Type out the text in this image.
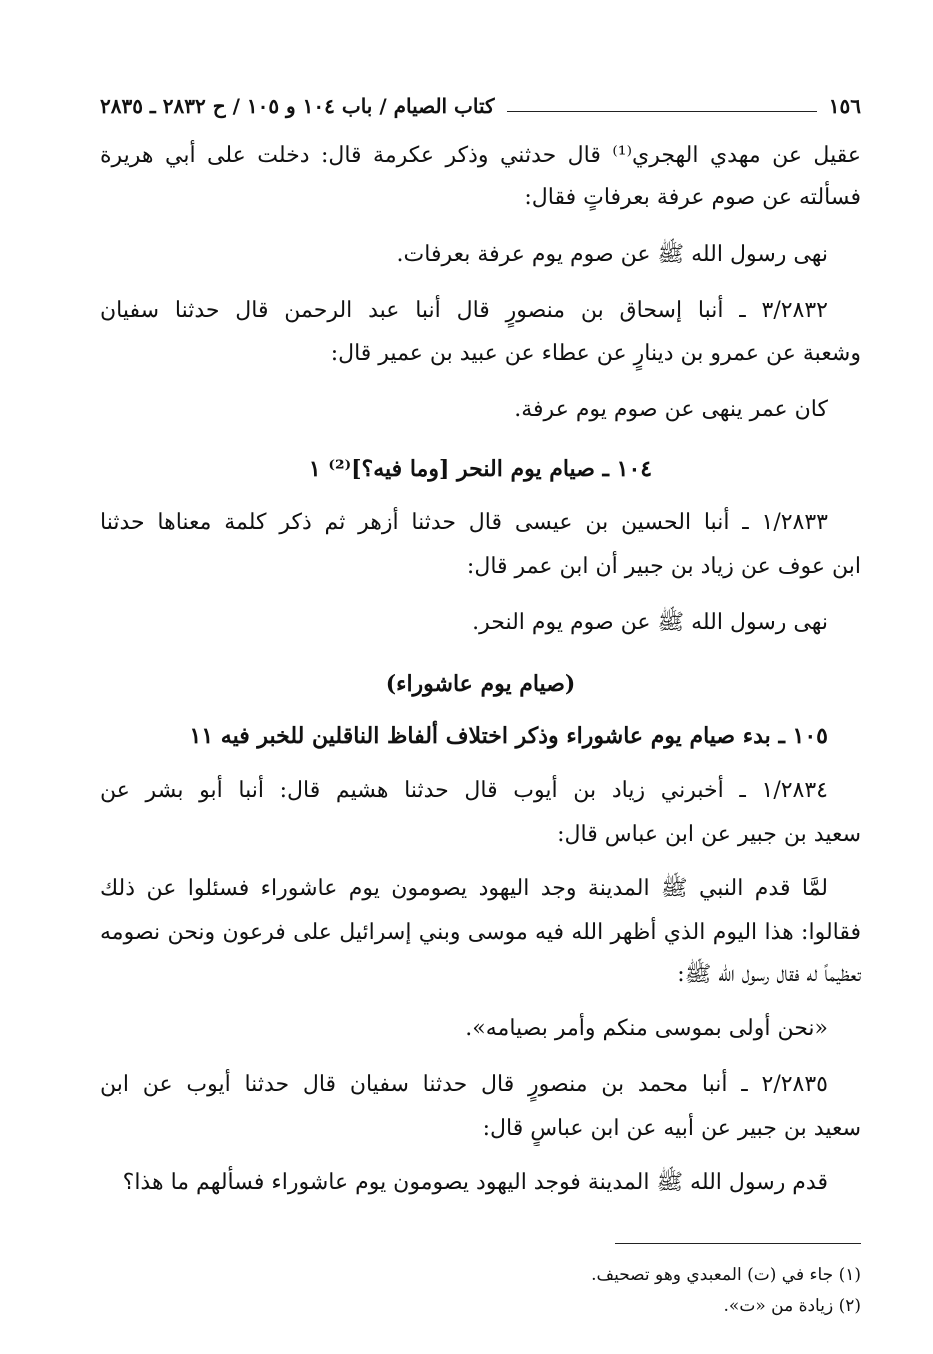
١٥٦
كتاب الصيام / باب ١٠٤ و ١٠٥ / ح ٢٨٣٢ ـ ٢٨٣٥
عقيل عن مهدي الهجري⁽¹⁾ قال حدثني وذكر عكرمة قال: دخلت على أبي هريرة
فسألته عن صوم عرفة بعرفاتٍ فقال:
نهى رسول الله ﷺ عن صوم يوم عرفة بعرفات.
٣/٢٨٣٢ ـ أنبا إسحاق بن منصورٍ قال أنبا عبد الرحمن قال حدثنا سفيان
وشعبة عن عمرو بن دينارٍ عن عطاء عن عبيد بن عمير قال:
كان عمر ينهى عن صوم يوم عرفة.
١٠٤ ـ صيام يوم النحر [وما فيه؟]⁽²⁾ ١
١/٢٨٣٣ ـ أنبا الحسين بن عيسى قال حدثنا أزهر ثم ذكر كلمة معناها حدثنا
ابن عوف عن زياد بن جبير أن ابن عمر قال:
نهى رسول الله ﷺ عن صوم يوم النحر.
(صيام يوم عاشوراء)
١٠٥ ـ بدء صيام يوم عاشوراء وذكر اختلاف ألفاظ الناقلين للخبر فيه ١١
١/٢٨٣٤ ـ أخبرني زياد بن أيوب قال حدثنا هشيم قال: أنبا أبو بشر عن
سعيد بن جبير عن ابن عباس قال:
لمَّا قدم النبي ﷺ المدينة وجد اليهود يصومون يوم عاشوراء فسئلوا عن ذلك
فقالوا: هذا اليوم الذي أظهر الله فيه موسى وبني إسرائيل على فرعون ونحن نصومه
تعظيماً له فقال رسول الله ﷺ:
«نحن أولى بموسى منكم وأمر بصيامه».
٢/٢٨٣٥ ـ أنبا محمد بن منصورٍ قال حدثنا سفيان قال حدثنا أيوب عن ابن
سعيد بن جبير عن أبيه عن ابن عباسٍ قال:
قدم رسول الله ﷺ المدينة فوجد اليهود يصومون يوم عاشوراء فسألهم ما هذا؟
(١) جاء في (ت) المعبدي وهو تصحيف.
(٢) زيادة من «ت».
